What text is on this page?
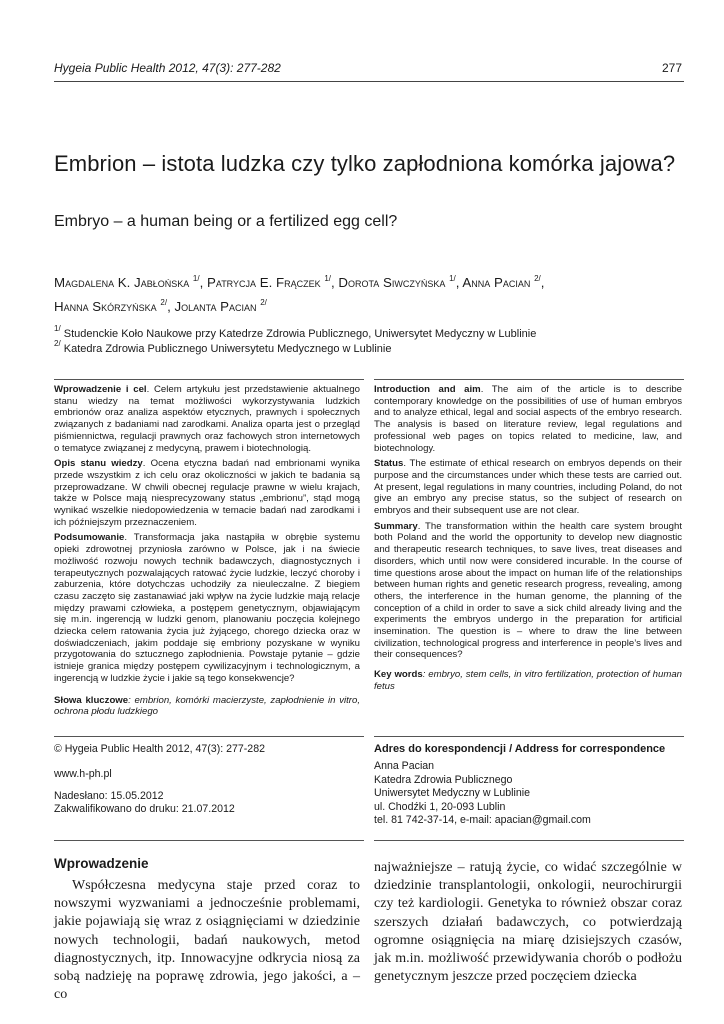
Hygeia Public Health 2012, 47(3): 277-282	277
Embrion – istota ludzka czy tylko zapłodniona komórka jajowa?
Embryo – a human being or a fertilized egg cell?
Magdalena K. Jabłońska $^{1/}$, Patrycja E. Frączek $^{1/}$, Dorota Siwczyńska $^{1/}$, Anna Pacian $^{2/}$,
Hanna Skórzyńska $^{2/}$, Jolanta Pacian $^{2/}$
$^{1/}$ Studenckie Koło Naukowe przy Katedrze Zdrowia Publicznego, Uniwersytet Medyczny w Lublinie
$^{2/}$ Katedra Zdrowia Publicznego Uniwersytetu Medycznego w Lublinie

Wprowadzenie i cel. Celem artykułu jest przedstawienie aktualnego stanu wiedzy na temat możliwości wykorzystywania ludzkich embrionów oraz analiza aspektów etycznych, prawnych i społecznych związanych z badaniami nad zarodkami. Analiza oparta jest o przegląd piśmiennictwa, regulacji prawnych oraz fachowych stron internetowych o tematyce związanej z medycyną, prawem i biotechnologią.

Opis stanu wiedzy. Ocena etyczna badań nad embrionami wynika przede wszystkim z ich celu oraz okoliczności w jakich te badania są przeprowadzane. W chwili obecnej regulacje prawne w wielu krajach, także w Polsce mają niesprecyzowany status „embrionu”, stąd mogą wynikać wszelkie niedopowiedzenia w temacie badań nad zarodkami i ich późniejszym przeznaczeniem.

Podsumowanie. Transformacja jaka nastąpiła w obrębie systemu opieki zdrowotnej przyniosła zarówno w Polsce, jak i na świecie możliwość rozwoju nowych technik badawczych, diagnostycznych i terapeutycznych pozwalających ratować życie ludzkie, leczyć choroby i zaburzenia, które dotychczas uchodziły za nieuleczalne. Z biegiem czasu zaczęto się zastanawiać jaki wpływ na życie ludzkie mają relacje między prawami człowieka, a postępem genetycznym, objawiającym się m.in. ingerencją w ludzki genom, planowaniu poczęcia kolejnego dziecka celem ratowania życia już żyjącego, chorego dziecka oraz w doświadczeniach, jakim poddaje się embriony pozyskane w wyniku przygotowania do sztucznego zapłodnienia. Powstaje pytanie – gdzie istnieje granica między postępem cywilizacyjnym i technologicznym, a ingerencją w ludzkie życie i jakie są tego konsekwencje?

Słowa kluczowe: embrion, komórki macierzyste, zapłodnienie in vitro, ochrona płodu ludzkiego

Introduction and aim. The aim of the article is to describe contemporary knowledge on the possibilities of use of human embryos and to analyze ethical, legal and social aspects of the embryo research. The analysis is based on literature review, legal regulations and professional web pages on topics related to medicine, law, and biotechnology.

Status. The estimate of ethical research on embryos depends on their purpose and the circumstances under which these tests are carried out. At present, legal regulations in many countries, including Poland, do not give an embryo any precise status, so the subject of research on embryos and their subsequent use are not clear.

Summary. The transformation within the health care system brought both Poland and the world the opportunity to develop new diagnostic and therapeutic research techniques, to save lives, treat diseases and disorders, which until now were considered incurable. In the course of time questions arose about the impact on human life of the relationships between human rights and genetic research progress, revealing, among others, the interference in the human genome, the planning of the conception of a child in order to save a sick child already living and the experiments the embryos undergo in the preparation for artificial insemination. The question is – where to draw the line between civilization, technological progress and interference in people’s lives and their consequences?

Key words: embryo, stem cells, in vitro fertilization, protection of human fetus

© Hygeia Public Health 2012, 47(3): 277-282
www.h-ph.pl
Nadesłano: 15.05.2012
Zakwalifikowano do druku: 21.07.2012
Adres do korespondencji / Address for correspondence
Anna Pacian
Katedra Zdrowia Publicznego
Uniwersytet Medyczny w Lublinie
ul. Chodźki 1, 20-093 Lublin
tel. 81 742-37-14, e-mail: apacian@gmail.com
Wprowadzenie
Współczesna medycyna staje przed coraz to nowszymi wyzwaniami a jednocześnie problemami, jakie pojawiają się wraz z osiągnięciami w dziedzinie nowych technologii, badań naukowych, metod diagnostycznych, itp. Innowacyjne odkrycia niosą za sobą nadzieję na poprawę zdrowia, jego jakości, a – co
najważniejsze – ratują życie, co widać szczególnie w dziedzinie transplantologii, onkologii, neurochirurgii czy też kardiologii. Genetyka to również obszar coraz szerszych działań badawczych, co potwierdzają ogromne osiągnięcia na miarę dzisiejszych czasów, jak m.in. możliwość przewidywania chorób o podłożu genetycznym jeszcze przed poczęciem dziecka
